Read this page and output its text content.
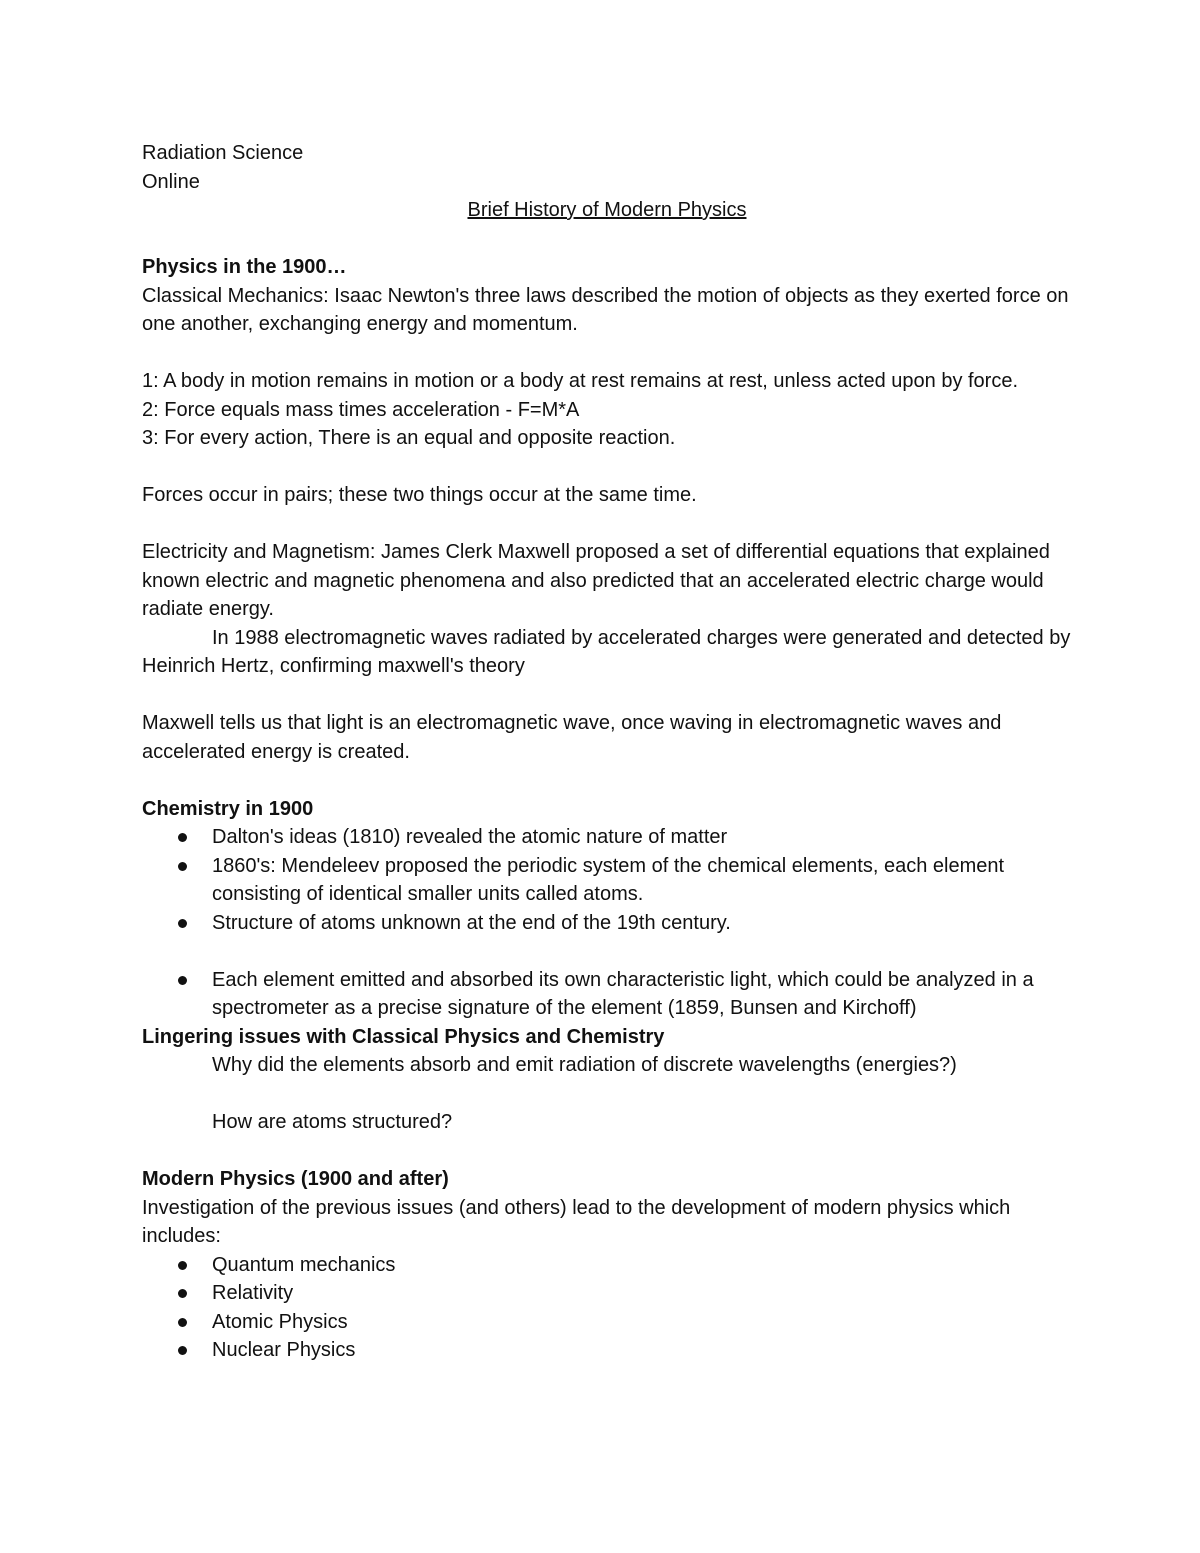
Radiation Science

Online

Brief History of Modern Physics

Physics in the 1900…

Classical Mechanics: Isaac Newton's three laws described the motion of objects as they exerted force on one another, exchanging energy and momentum.

1: A body in motion remains in motion or a body at rest remains at rest, unless acted upon by force.

2: Force equals mass times acceleration - F=M*A

3: For every action, There is an equal and opposite reaction.

Forces occur in pairs; these two things occur at the same time.

Electricity and Magnetism: James Clerk Maxwell proposed a set of differential equations that explained known electric and magnetic phenomena and also predicted that an accelerated electric charge would radiate energy.

In 1988 electromagnetic waves radiated by accelerated charges were generated and detected by Heinrich Hertz, confirming maxwell's theory

Maxwell tells us that light is an electromagnetic wave, once waving in electromagnetic waves and accelerated energy is created.

Chemistry in 1900

Dalton's ideas (1810) revealed the atomic nature of matter
1860's: Mendeleev proposed the periodic system of the chemical elements, each element consisting of identical smaller units called atoms.
Structure of atoms unknown at the end of the 19th century.
Each element emitted and absorbed its own characteristic light, which could be analyzed in a spectrometer as a precise signature of the element (1859, Bunsen and Kirchoff)

Lingering issues with Classical Physics and Chemistry

Why did the elements absorb and emit radiation of discrete wavelengths (energies?)

How are atoms structured?

Modern Physics (1900 and after)

Investigation of the previous issues (and others) lead to the development of modern physics which includes:

Quantum mechanics
Relativity
Atomic Physics
Nuclear Physics
